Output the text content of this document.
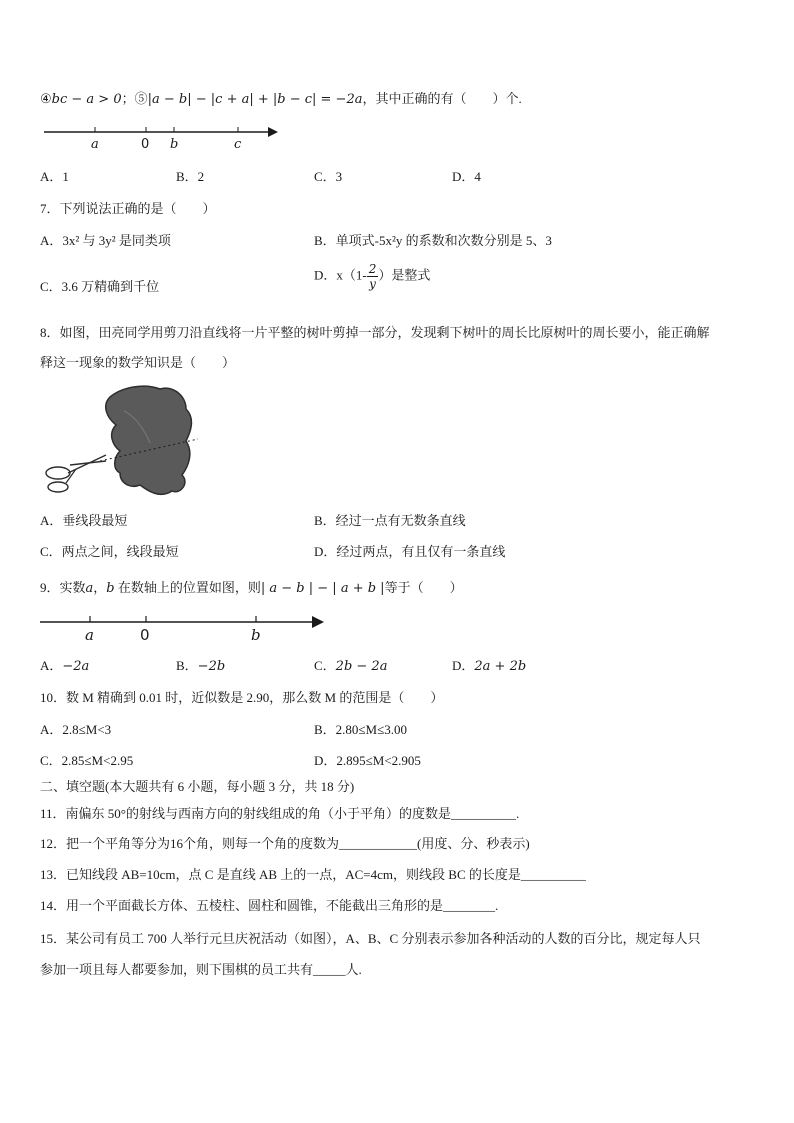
④bc − a > 0；⑤|a − b| − |c + a| + |b − c| = −2a，其中正确的有（　　）个.
a	0 b	c
A．1	B．2	C．3	D．4
7．下列说法正确的是（　　）
A．3x² 与 3y² 是同类项	B．单项式-5x²y 的系数和次数分别是 5、3
C．3.6 万精确到千位
D．$x(1- \frac{2}{y}$ ）是整式
8．如图，田亮同学用剪刀沿直线将一片平整的树叶剪掉一部分，发现剩下树叶的周长比原树叶的周长要小，能正确解
释这一现象的数学知识是（　　）
A．垂线段最短	B．经过一点有无数条直线
C．两点之间，线段最短	D．经过两点，有且仅有一条直线
9．实数a，b 在数轴上的位置如图，则| a − b | − | a + b |等于（　　）
a	0	b
A．−2a	B．−2b	C．2b − 2a	D．2a + 2b
10．数 M 精确到 0.01 时，近似数是 2.90，那么数 M 的范围是（　　）
A．2.8≤M<3	B．2.80≤M≤3.00
C．2.85≤M<2.95	D．2.895≤M<2.905
二、填空题(本大题共有 6 小题，每小题 3 分，共 18 分)
11．南偏东 50°的射线与西南方向的射线组成的角（小于平角）的度数是__________.
12．把一个平角等分为16个角，则每一个角的度数为____________(用度、分、秒表示)
13．已知线段 AB=10cm，点 C 是直线 AB 上的一点，AC=4cm，则线段 BC 的长度是__________
14．用一个平面截长方体、五棱柱、圆柱和圆锥，不能截出三角形的是________.
15．某公司有员工 700 人举行元旦庆祝活动（如图），A、B、C 分别表示参加各种活动的人数的百分比，规定每人只
参加一项且每人都要参加，则下围棋的员工共有_____人.
